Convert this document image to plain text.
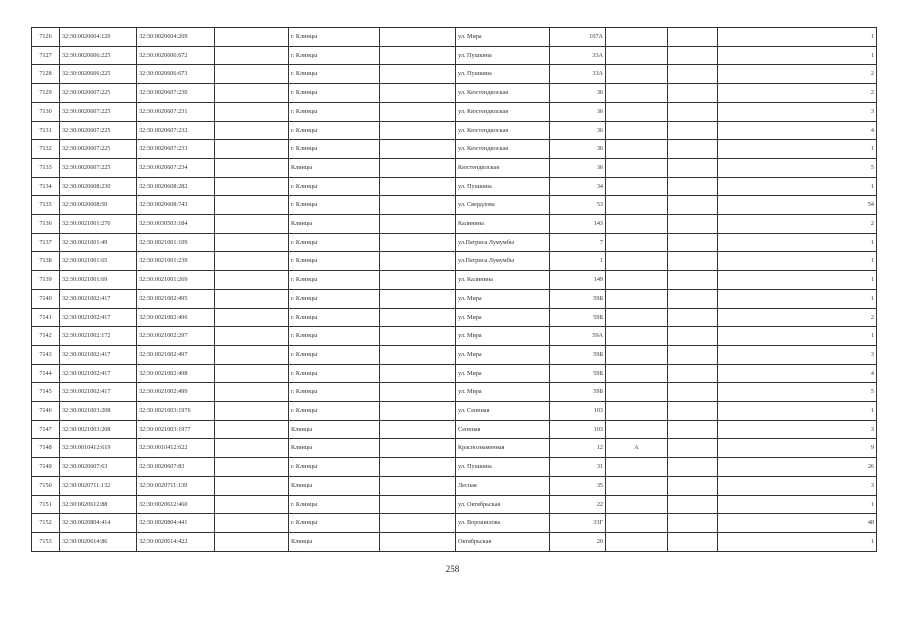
7126	32:30:0020604:120	32:30:0020604:209		г. Клинцы		ул. Мира	107А			1
7127	32:30:0020606:225	32:30:0020606:672		г. Клинцы		ул. Пушкина	33А			1
7128	32:30:0020606:225	32:30:0020606:673		г. Клинцы		ул. Пушкина	33А			2
7129	32:30:0020607:225	32:30:0020607:230		г. Клинцы		ул. Кюстендилская	36			2
7130	32:30:0020607:225	32:30:0020607:231		г. Клинцы		ул. Кюстендилская	36			3
7131	32:30:0020607:225	32:30:0020607:232		г. Клинцы		ул. Кюстендилская	36			4
7132	32:30:0020607:225	32:30:0020607:233		г. Клинцы		ул. Кюстендилская	36			1
7133	32:30:0020607:225	32:30:0020607:234		Клинцы		Кюстендилская	36			5
7134	32:30:0020608:230	32:30:0020608:282		г. Клинцы		ул. Пушкина	34			1
7135	32:30:0020608:50	32:30:0020608:743		г. Клинцы		ул. Свердлова	53			54
7136	32:30:0021001:270	32:30:0030503:184		Клинцы		Калинина	143			2
7137	32:30:0021001:49	32:30:0021001:109		г. Клинцы		ул.Патриса Лумумбы	7			1
7138	32:30:0021001:65	32:30:0021001:239		г. Клинцы		ул.Патриса Лумумбы	1			1
7139	32:30:0021001:69	32:30:0021001:269		г. Клинцы		ул. Калинина	149			1
7140	32:30:0021002:417	32:30:0021002:495		г. Клинцы		ул. Мира	59Б			1
7141	32:30:0021002:417	32:30:0021002:496		г. Клинцы		ул. Мира	59Б			2
7142	32:30:0021002:172	32:30:0021002:297		г. Клинцы		ул. Мира	59А			1
7143	32:30:0021002:417	32:30:0021002:497		г. Клинцы		ул. Мира	59Б			3
7144	32:30:0021002:417	32:30:0021002:498		г. Клинцы		ул. Мира	59Б			4
7145	32:30:0021002:417	32:30:0021002:499		г. Клинцы		ул. Мира	59Б			5
7146	32:30:0021003:208	32:30:0021003:1976		г. Клинцы		ул. Сеннная	103			1
7147	32:30:0021003:208	32:30:0021003:1977		Клинцы		Сеннная	103			3
7148	32:30:0010412:619	32:30:0010412:622		Клинцы		Краснознаменная	12	А		9
7149	32:30:0020607:63	32:30:0020607:83		г. Клинцы		ул. Пушкина	31			26
7150	32:30:0020711:132	32:30:0020711:139		Клинцы		Лесная	35			3
7151	32:30:0020612:88	32:30:0020612:460		г. Клинцы		ул. Октябрьская	22			1
7152	32:30:0020804:414	32:30:0020804:441		г. Клинцы		ул. Ворошилова	33Г			48
7153	32:30:0020614:86	32:30:0020614:422		Клинцы		Октябрьская	20			1
258
